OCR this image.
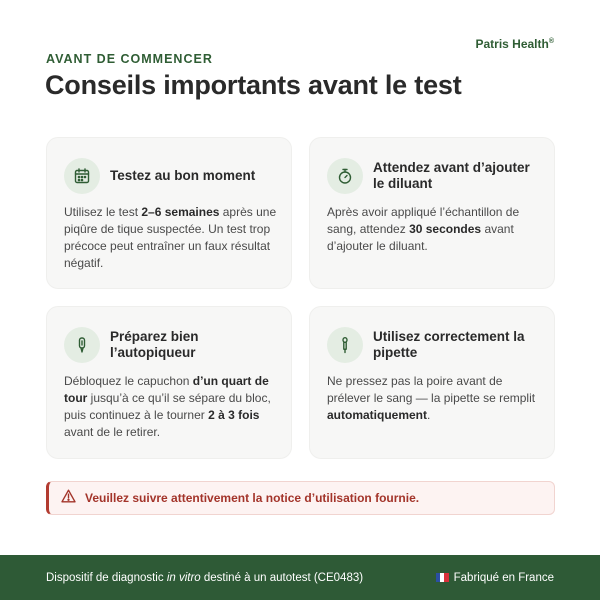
Patris Health®
AVANT DE COMMENCER
Conseils importants avant le test
Testez au bon moment

Utilisez le test 2–6 semaines après une piqûre de tique suspectée. Un test trop précoce peut entraîner un faux résultat négatif.

Attendez avant d’ajouter le diluant

Après avoir appliqué l’échantillon de sang, attendez 30 secondes avant d’ajouter le diluant.

Préparez bien l’autopiqueur

Débloquez le capuchon d’un quart de tour jusqu’à ce qu’il se sépare du bloc, puis continuez à le tourner 2 à 3 fois avant de le retirer.

Utilisez correctement la pipette

Ne pressez pas la poire avant de prélever le sang — la pipette se remplit automatiquement.

Veuillez suivre attentivement la notice d’utilisation fournie.
Dispositif de diagnostic in vitro destiné à un autotest (CE0483)	Fabriqué en France
